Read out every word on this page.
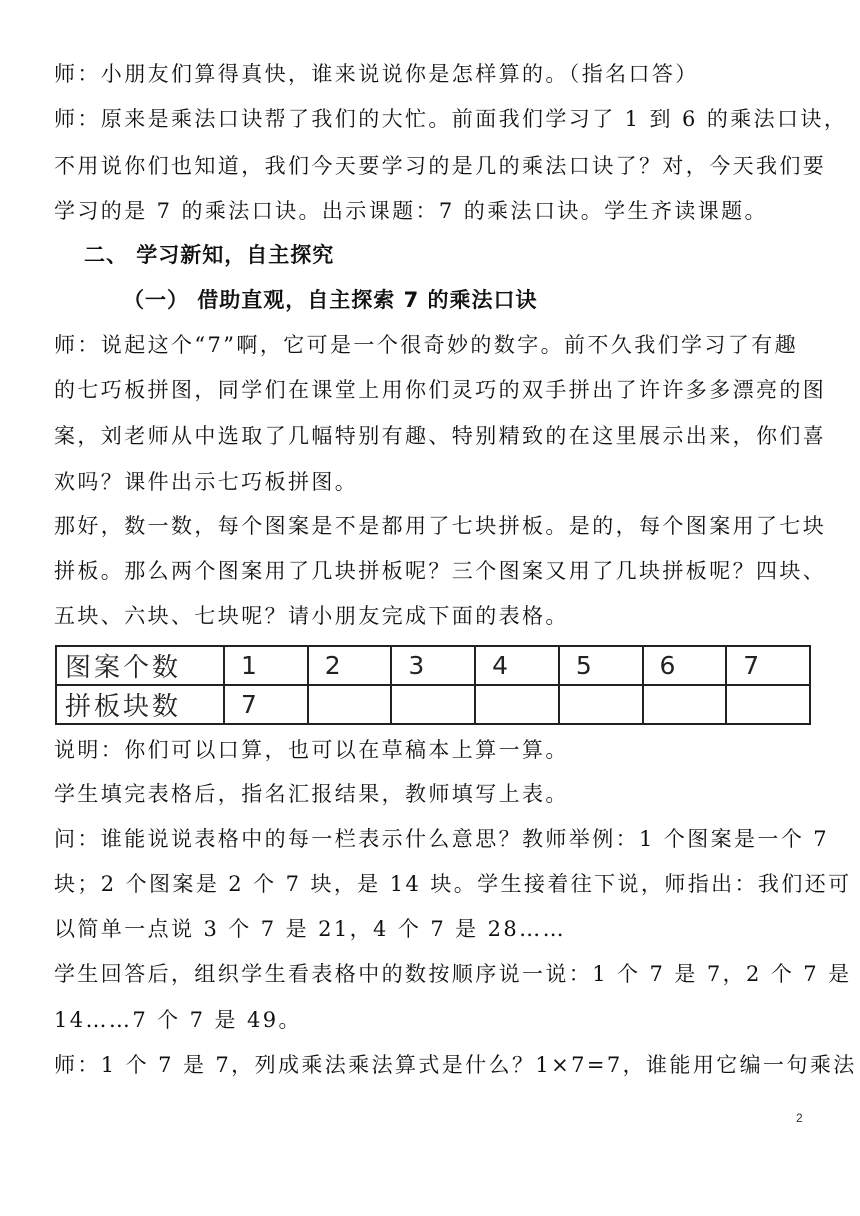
师：小朋友们算得真快，谁来说说你是怎样算的。（指名口答）
师：原来是乘法口诀帮了我们的大忙。前面我们学习了 1 到 6 的乘法口诀，
不用说你们也知道，我们今天要学习的是几的乘法口诀了？对，今天我们要
学习的是 7 的乘法口诀。出示课题：7 的乘法口诀。学生齐读课题。
二、 学习新知，自主探究
（一） 借助直观，自主探索 7 的乘法口诀
师：说起这个“7”啊，它可是一个很奇妙的数字。前不久我们学习了有趣
的七巧板拼图，同学们在课堂上用你们灵巧的双手拼出了许许多多漂亮的图
案，刘老师从中选取了几幅特别有趣、特别精致的在这里展示出来，你们喜
欢吗？课件出示七巧板拼图。
那好，数一数，每个图案是不是都用了七块拼板。是的，每个图案用了七块
拼板。那么两个图案用了几块拼板呢？三个图案又用了几块拼板呢？四块、
五块、六块、七块呢？请小朋友完成下面的表格。
图案个数	1	2	3	4	5	6	7
拼板块数	7						
说明：你们可以口算，也可以在草稿本上算一算。
学生填完表格后，指名汇报结果，教师填写上表。
问：谁能说说表格中的每一栏表示什么意思？教师举例：1 个图案是一个 7
块；2 个图案是 2 个 7 块，是 14 块。学生接着往下说，师指出：我们还可
以简单一点说 3 个 7 是 21，4 个 7 是 28……
学生回答后，组织学生看表格中的数按顺序说一说：1 个 7 是 7，2 个 7 是
14……7 个 7 是 49。
师：1 个 7 是 7，列成乘法乘法算式是什么？1×7=7，谁能用它编一句乘法
2
